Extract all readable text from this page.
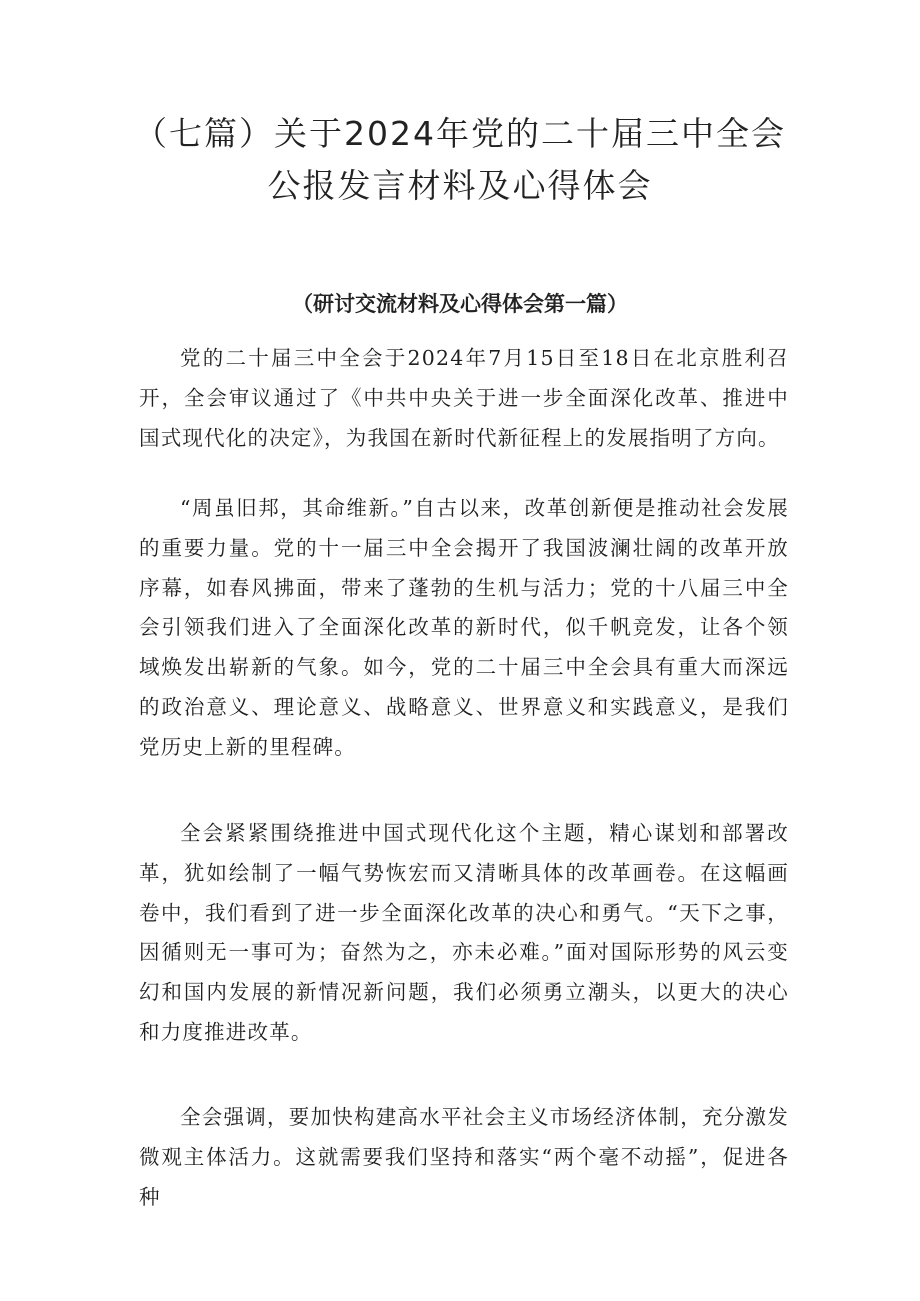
（七篇）关于2024年党的二十届三中全会
公报发言材料及心得体会
（研讨交流材料及心得体会第一篇）

党的二十届三中全会于2024年7月15日至18日在北京胜利召开，全会审议通过了《中共中央关于进一步全面深化改革、推进中国式现代化的决定》，为我国在新时代新征程上的发展指明了方向。

“周虽旧邦，其命维新。”自古以来，改革创新便是推动社会发展的重要力量。党的十一届三中全会揭开了我国波澜壮阔的改革开放序幕，如春风拂面，带来了蓬勃的生机与活力；党的十八届三中全会引领我们进入了全面深化改革的新时代，似千帆竞发，让各个领域焕发出崭新的气象。如今，党的二十届三中全会具有重大而深远的政治意义、理论意义、战略意义、世界意义和实践意义，是我们党历史上新的里程碑。

全会紧紧围绕推进中国式现代化这个主题，精心谋划和部署改革，犹如绘制了一幅气势恢宏而又清晰具体的改革画卷。在这幅画卷中，我们看到了进一步全面深化改革的决心和勇气。“天下之事，因循则无一事可为；奋然为之，亦未必难。”面对国际形势的风云变幻和国内发展的新情况新问题，我们必须勇立潮头，以更大的决心和力度推进改革。

全会强调，要加快构建高水平社会主义市场经济体制，充分激发微观主体活力。这就需要我们坚持和落实“两个毫不动摇”，促进各种
